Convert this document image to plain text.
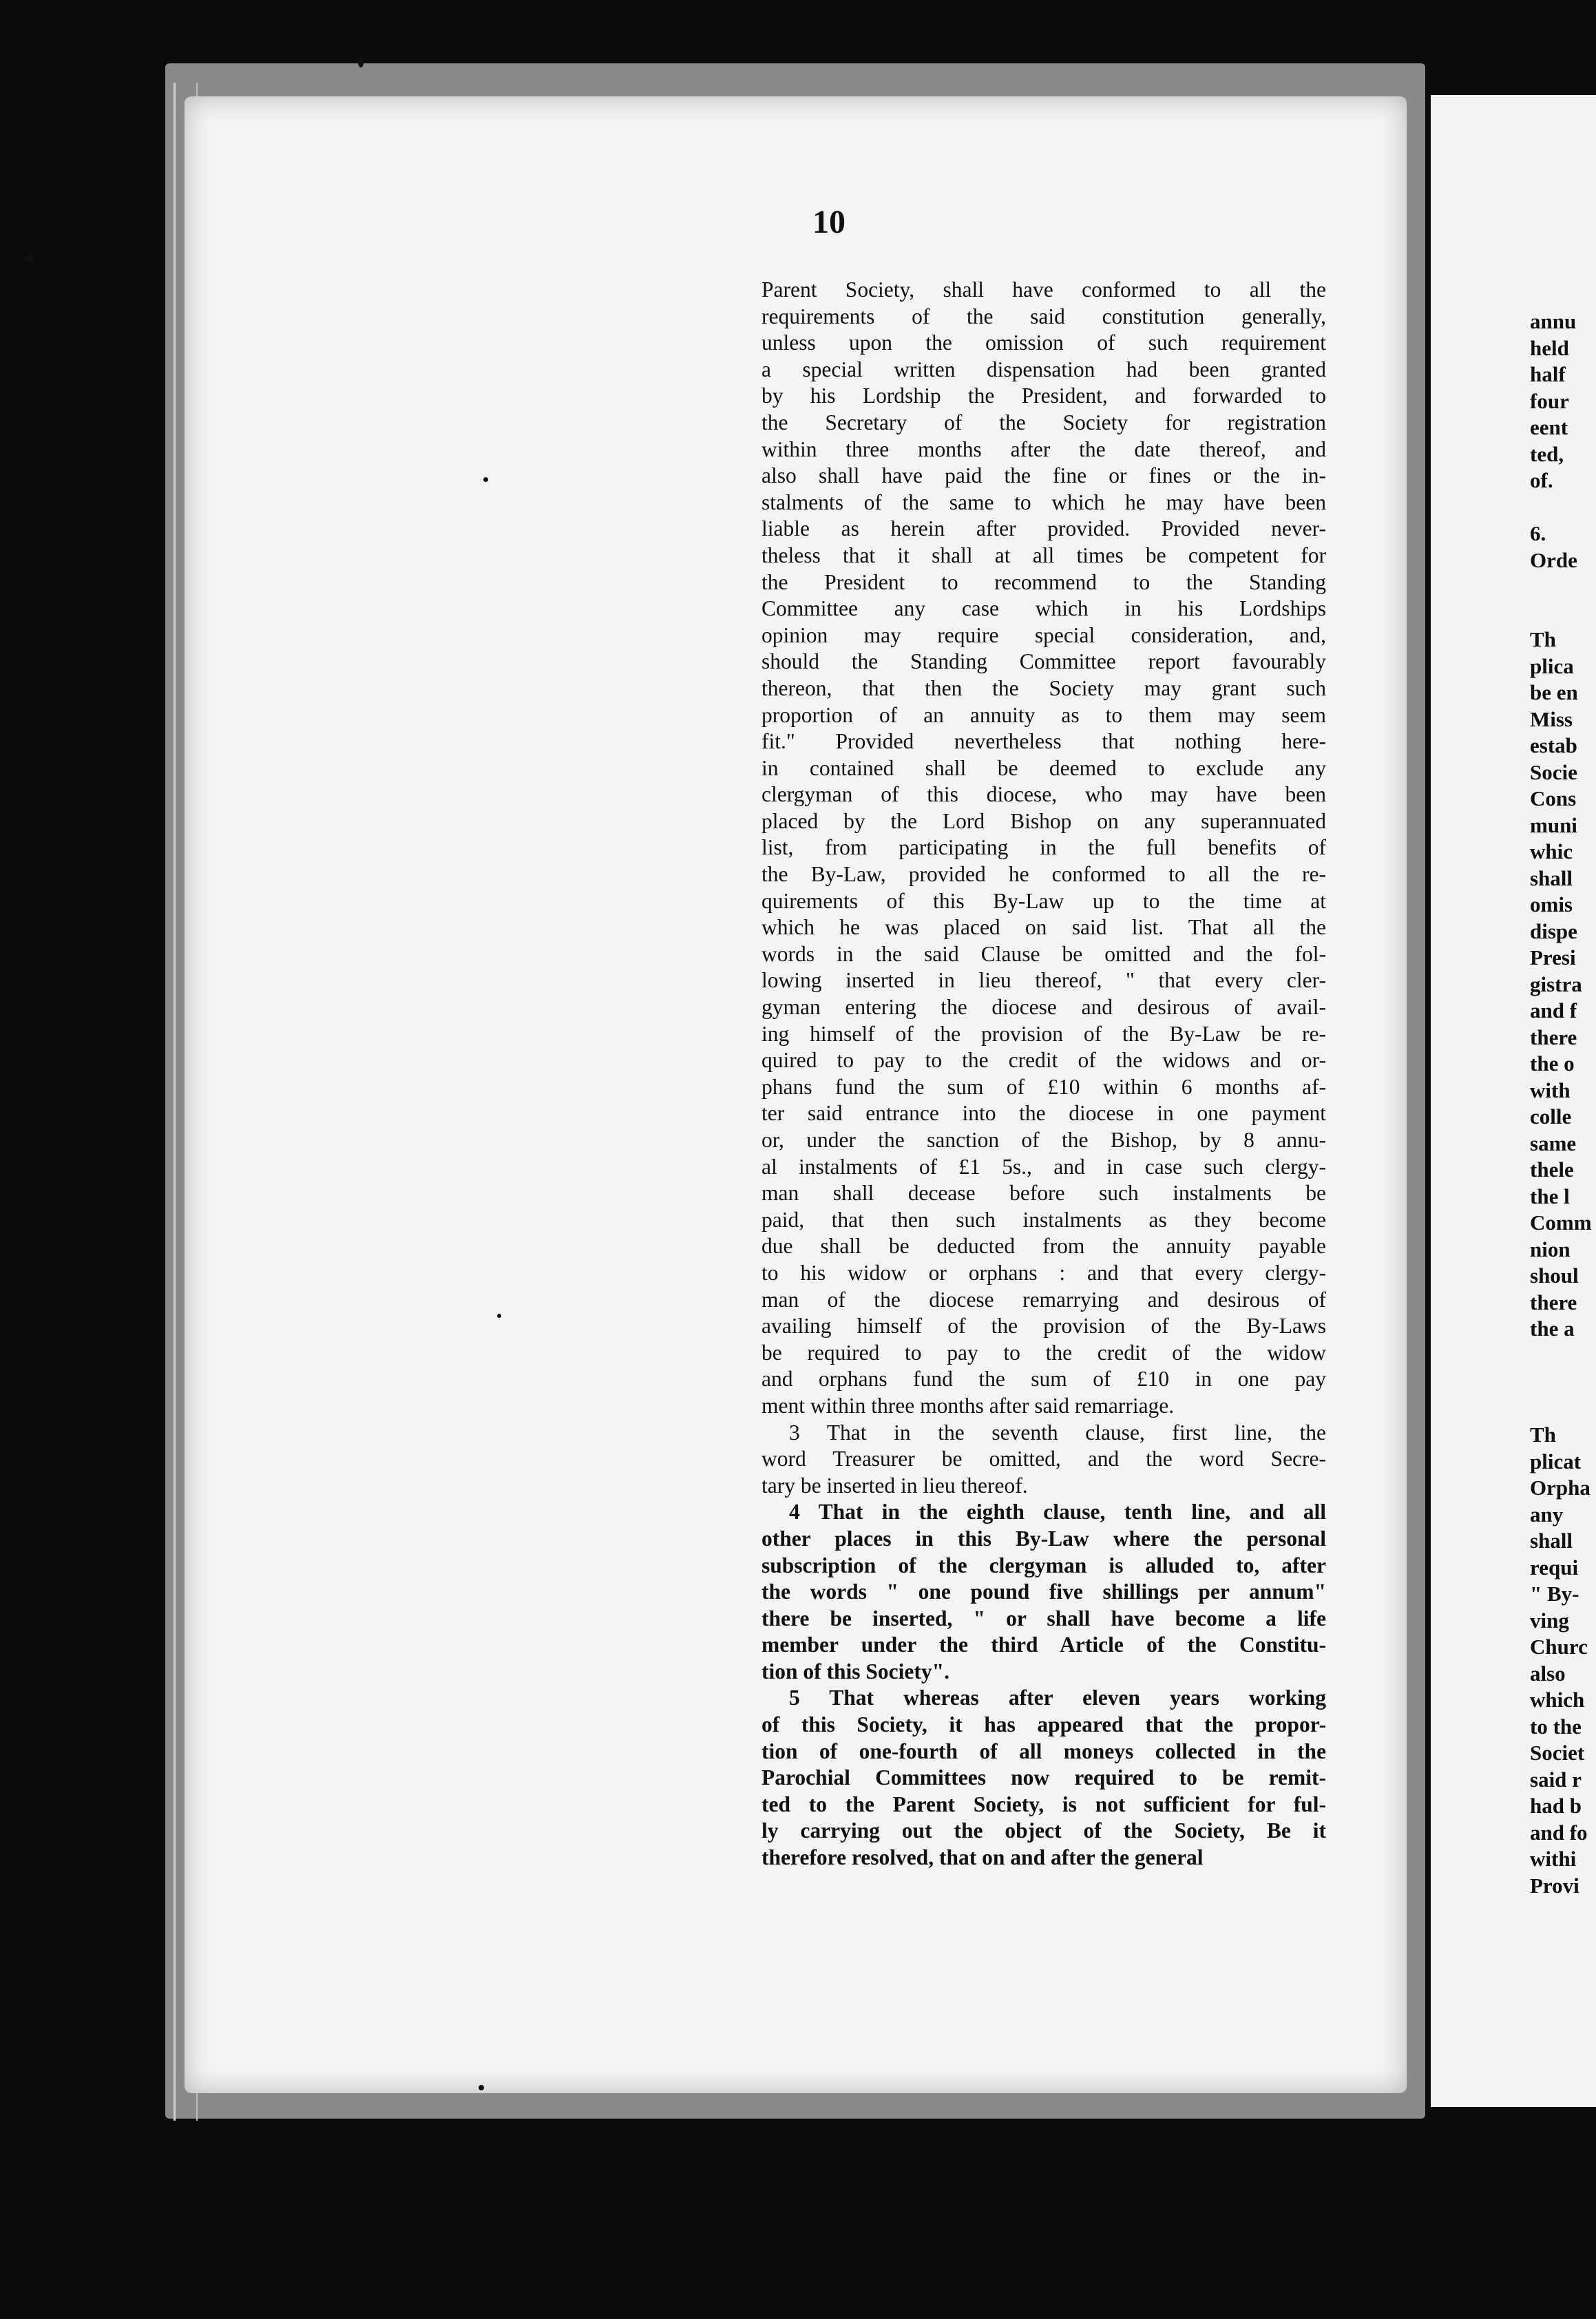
10
Parent Society, shall have conformed to all the
requirements of the said constitution generally,
unless upon the omission of such requirement
a special written dispensation had been granted
by his Lordship the President, and forwarded to
the Secretary of the Society for registration
within three months after the date thereof, and
also shall have paid the fine or fines or the in-
stalments of the same to which he may have been
liable as herein after provided. Provided never-
theless that it shall at all times be competent for
the President to recommend to the Standing
Committee any case which in his Lordships
opinion may require special consideration, and,
should the Standing Committee report favourably
thereon, that then the Society may grant such
proportion of an annuity as to them may seem
fit." Provided nevertheless that nothing here-
in contained shall be deemed to exclude any
clergyman of this diocese, who may have been
placed by the Lord Bishop on any superannuated
list, from participating in the full benefits of
the By-Law, provided he conformed to all the re-
quirements of this By-Law up to the time at
which he was placed on said list. That all the
words in the said Clause be omitted and the fol-
lowing inserted in lieu thereof, " that every cler-
gyman entering the diocese and desirous of avail-
ing himself of the provision of the By-Law be re-
quired to pay to the credit of the widows and or-
phans fund the sum of £10 within 6 months af-
ter said entrance into the diocese in one payment
or, under the sanction of the Bishop, by 8 annu-
al instalments of £1 5s., and in case such clergy-
man shall decease before such instalments be
paid, that then such instalments as they become
due shall be deducted from the annuity payable
to his widow or orphans : and that every clergy-
man of the diocese remarrying and desirous of
availing himself of the provision of the By-Laws
be required to pay to the credit of the widow
and orphans fund the sum of £10 in one pay
ment within three months after said remarriage.
3 That in the seventh clause, first line, the
word Treasurer be omitted, and the word Secre-
tary be inserted in lieu thereof.
4 That in the eighth clause, tenth line, and all
other places in this By-Law where the personal
subscription of the clergyman is alluded to, after
the words " one pound five shillings per annum"
there be inserted, " or shall have become a life
member under the third Article of the Constitu-
tion of this Society".
5 That whereas after eleven years working
of this Society, it has appeared that the propor-
tion of one-fourth of all moneys collected in the
Parochial Committees now required to be remit-
ted to the Parent Society, is not sufficient for ful-
ly carrying out the object of the Society, Be it
therefore resolved, that on and after the general
annu
held
half
four
eent
ted,
of.
6.
Orde
Th
plica
be en
Miss
estab
Socie
Cons
muni
whic
shall
omis
dispe
Presi
gistra
and f
there
the o
with
colle
same
thele
the l
Comm
nion
shoul
there
the a
Th
plicat
Orpha
any
shall
requi
" By-
ving
Churc
also
which
to the
Societ
said r
had b
and fo
withi
Provi
